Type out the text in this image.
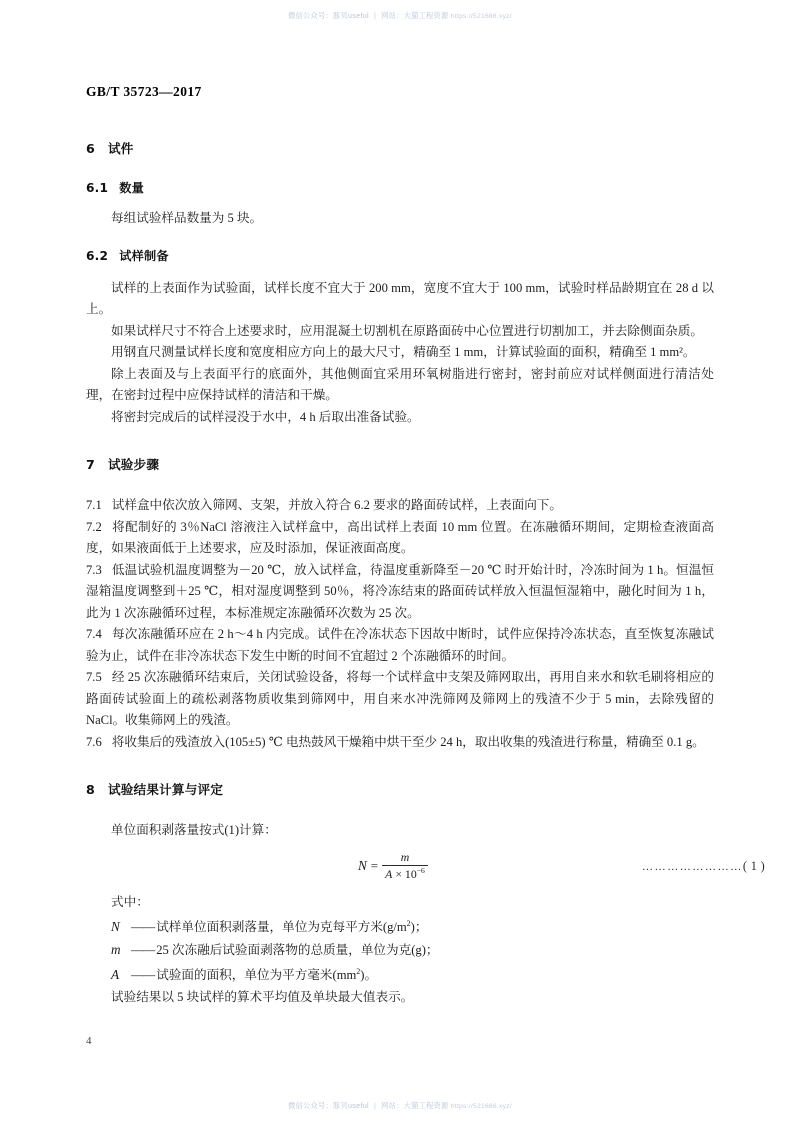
微信公众号：豚贝useful | 网站：大猫工程资源 https://521686.xyz/
GB/T 35723—2017
6 试件
6.1 数量

每组试验样品数量为 5 块。

6.2 试样制备

试样的上表面作为试验面，试样长度不宜大于 200 mm，宽度不宜大于 100 mm，试验时样品龄期宜在 28 d 以上。

如果试样尺寸不符合上述要求时，应用混凝土切割机在原路面砖中心位置进行切割加工，并去除侧面杂质。

用钢直尺测量试样长度和宽度相应方向上的最大尺寸，精确至 1 mm，计算试验面的面积，精确至 1 mm²。

除上表面及与上表面平行的底面外，其他侧面宜采用环氧树脂进行密封，密封前应对试样侧面进行清洁处理，在密封过程中应保持试样的清洁和干燥。

将密封完成后的试样浸没于水中，4 h 后取出准备试验。

7 试验步骤

7.1 试样盒中依次放入筛网、支架，并放入符合 6.2 要求的路面砖试样，上表面向下。

7.2 将配制好的 3％NaCl 溶液注入试样盒中，高出试样上表面 10 mm 位置。在冻融循环期间，定期检查液面高度，如果液面低于上述要求，应及时添加，保证液面高度。

7.3 低温试验机温度调整为－20 ℃，放入试样盒，待温度重新降至－20 ℃ 时开始计时，冷冻时间为 1 h。恒温恒湿箱温度调整到＋25 ℃，相对湿度调整到 50％，将冷冻结束的路面砖试样放入恒温恒湿箱中，融化时间为 1 h，此为 1 次冻融循环过程，本标准规定冻融循环次数为 25 次。

7.4 每次冻融循环应在 2 h～4 h 内完成。试件在冷冻状态下因故中断时，试件应保持冷冻状态，直至恢复冻融试验为止，试件在非冷冻状态下发生中断的时间不宜超过 2 个冻融循环的时间。

7.5 经 25 次冻融循环结束后，关闭试验设备，将每一个试样盒中支架及筛网取出，再用自来水和软毛刷将相应的路面砖试验面上的疏松剥落物质收集到筛网中，用自来水冲洗筛网及筛网上的残渣不少于 5 min，去除残留的 NaCl。收集筛网上的残渣。

7.6 将收集后的残渣放入(105±5) ℃ 电热鼓风干燥箱中烘干至少 24 h，取出收集的残渣进行称量，精确至 0.1 g。

8 试验结果计算与评定

单位面积剥落量按式(1)计算：

$N = \frac{m}{A \times 10^{-6}}$	……………………( 1 )

式中：

N —— 试样单位面积剥落量，单位为克每平方米$(g/m^2)$；
m —— 25 次冻融后试验面剥落物的总质量，单位为克(g)；
A —— 试验面的面积，单位为平方毫米$(mm^2)$。

试验结果以 5 块试样的算术平均值及单块最大值表示。

4
微信公众号：豚贝useful | 网站：大猫工程资源 https://521686.xyz/
